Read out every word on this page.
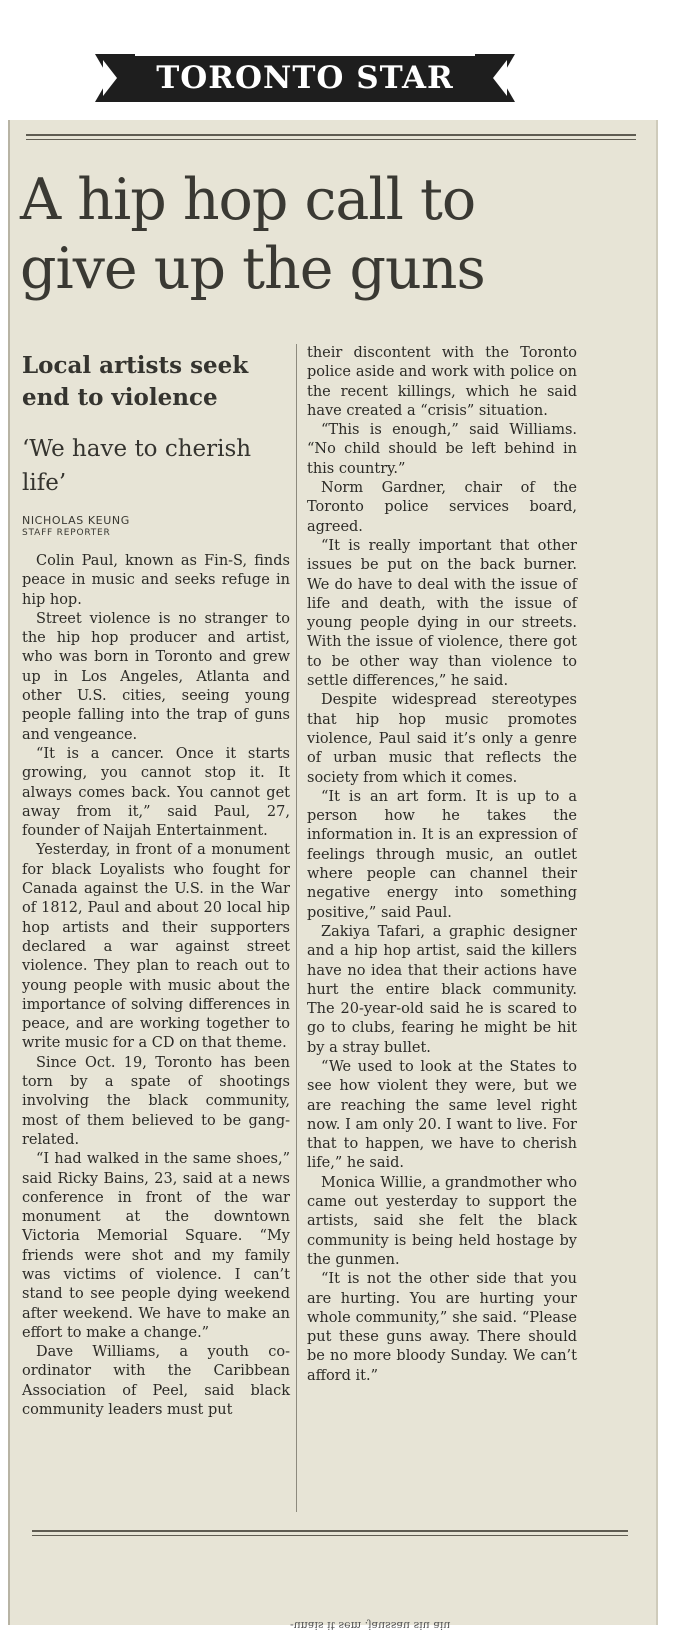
TORONTO STAR
A hip hop call to
give up the guns
Local artists seek end to violence
‘We have to cherish life’
NICHOLAS KEUNG
STAFF REPORTER

Colin Paul, known as Fin-S, finds peace in music and seeks refuge in hip hop.

Street violence is no stranger to the hip hop producer and artist, who was born in Toronto and grew up in Los Angeles, Atlanta and other U.S. cities, seeing young people falling into the trap of guns and vengeance.

“It is a cancer. Once it starts growing, you cannot stop it. It always comes back. You cannot get away from it,” said Paul, 27, founder of Naijah Entertainment.

Yesterday, in front of a monument for black Loyalists who fought for Canada against the U.S. in the War of 1812, Paul and about 20 local hip hop artists and their supporters declared a war against street violence. They plan to reach out to young people with music about the importance of solving differences in peace, and are working together to write music for a CD on that theme.

Since Oct. 19, Toronto has been torn by a spate of shootings involving the black community, most of them believed to be gang-related.

“I had walked in the same shoes,” said Ricky Bains, 23, said at a news conference in front of the war monument at the downtown Victoria Memorial Square. “My friends were shot and my family was victims of violence. I can’t stand to see people dying weekend after weekend. We have to make an effort to make a change.”

Dave Williams, a youth co-ordinator with the Caribbean Association of Peel, said black community leaders must put

their discontent with the Toronto police aside and work with police on the recent killings, which he said have created a “crisis” situation.

“This is enough,” said Williams. “No child should be left behind in this country.”

Norm Gardner, chair of the Toronto police services board, agreed.

“It is really important that other issues be put on the back burner. We do have to deal with the issue of life and death, with the issue of young people dying in our streets. With the issue of violence, there got to be other way than violence to settle differences,” he said.

Despite widespread stereotypes that hip hop music promotes violence, Paul said it’s only a genre of urban music that reflects the society from which it comes.

“It is an art form. It is up to a person how he takes the information in. It is an expression of feelings through music, an outlet where people can channel their negative energy into something positive,” said Paul.

Zakiya Tafari, a graphic designer and a hip hop artist, said the killers have no idea that their actions have hurt the entire black community. The 20-year-old said he is scared to go to clubs, fearing he might be hit by a stray bullet.

“We used to look at the States to see how violent they were, but we are reaching the same level right now. I am only 20. I want to live. For that to happen, we have to cherish life,” he said.

Monica Willie, a grandmother who came out yesterday to support the artists, said she felt the black community is being held hostage by the gunmen.

“It is not the other side that you are hurting. You are hurting your whole community,” she said. “Please put these guns away. There should be no more bloody Sunday. We can’t afford it.”

-unais it sem .jaussau siu aiu
